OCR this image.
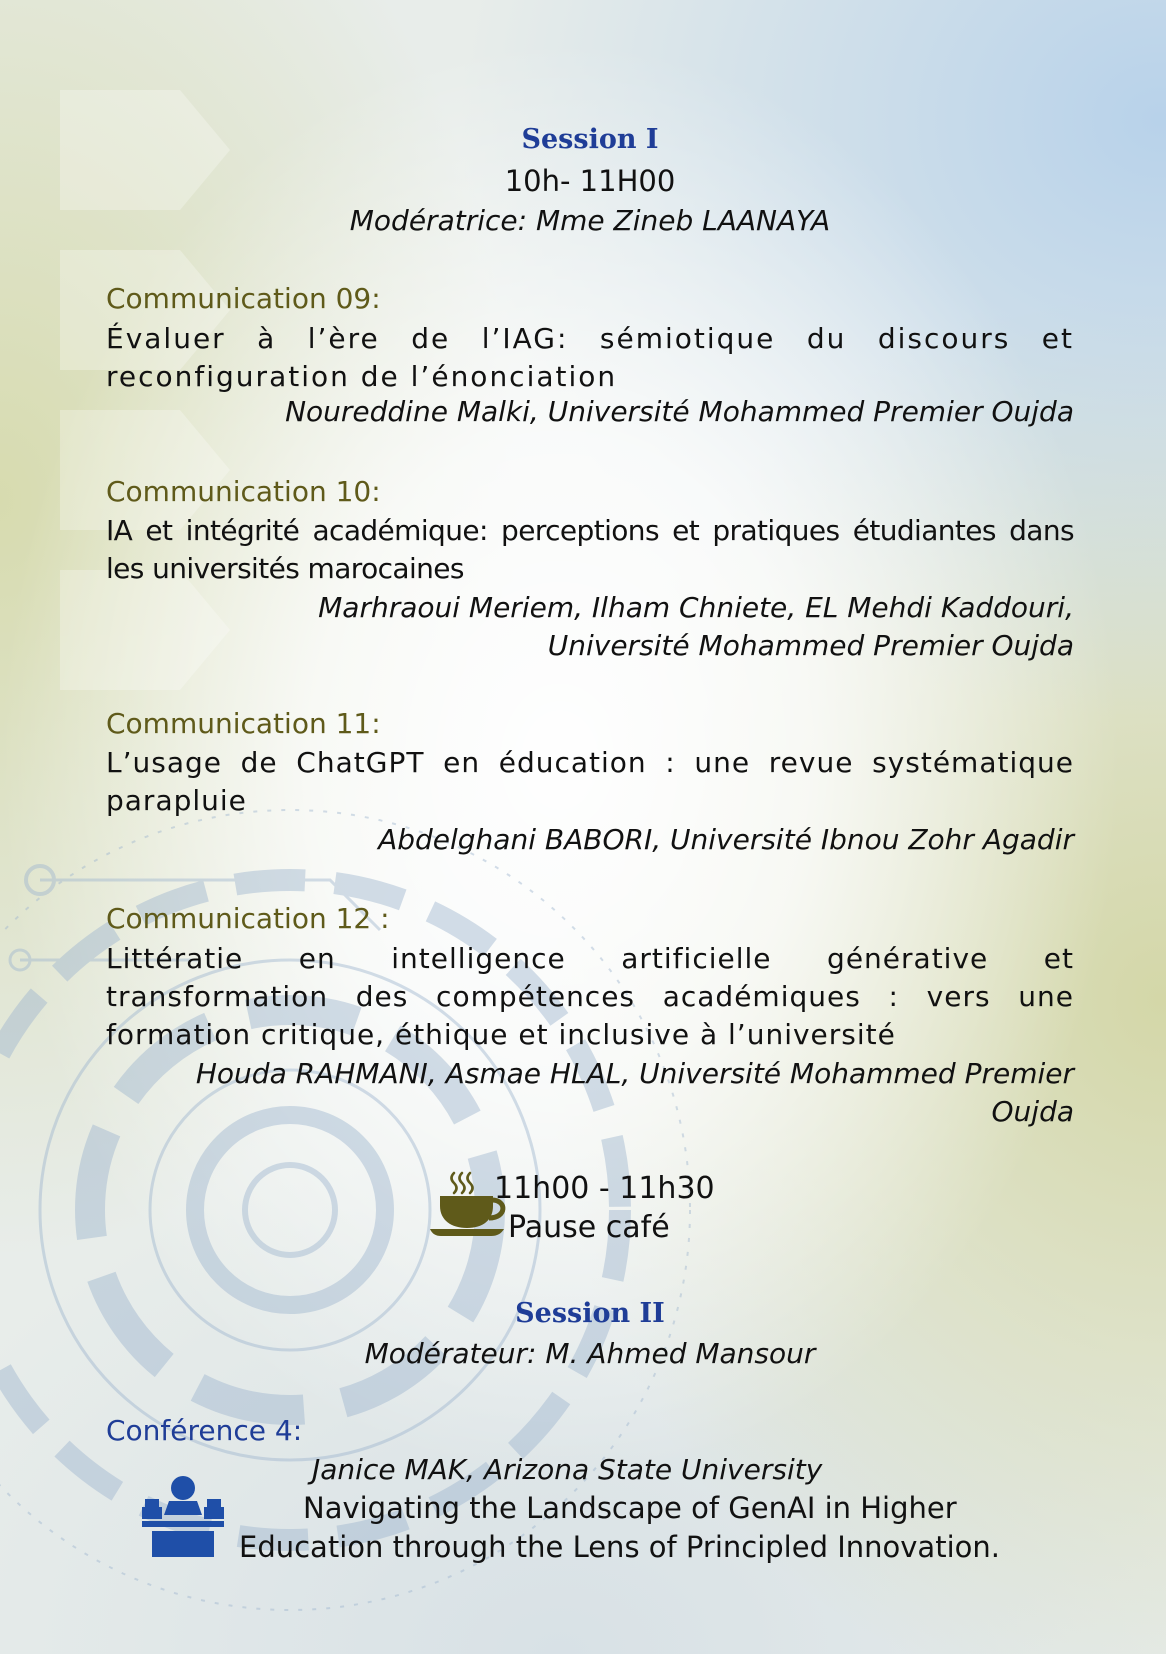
Session I
10h- 11H00
Modératrice: Mme Zineb LAANAYA
Communication 09:
Évaluer à l’ère de l’IAG: sémiotique du discours et reconfiguration de l’énonciation
Noureddine Malki, Université Mohammed Premier Oujda
Communication 10:
IA et intégrité académique: perceptions et pratiques étudiantes dans les universités marocaines
Marhraoui Meriem, Ilham Chniete, EL Mehdi Kaddouri,
Université Mohammed Premier Oujda
Communication 11:
L’usage de ChatGPT en éducation : une revue systématique parapluie
Abdelghani BABORI, Université Ibnou Zohr Agadir
Communication 12 :
Littératie en intelligence artificielle générative et transformation des compétences académiques : vers une formation critique, éthique et inclusive à l’université
Houda RAHMANI, Asmae HLAL, Université Mohammed Premier
Oujda
11h00 - 11h30
Pause café
Session II
Modérateur: M. Ahmed Mansour
Conférence 4:
Janice MAK, Arizona State University
Navigating the Landscape of GenAI in Higher
Education through the Lens of Principled Innovation.
